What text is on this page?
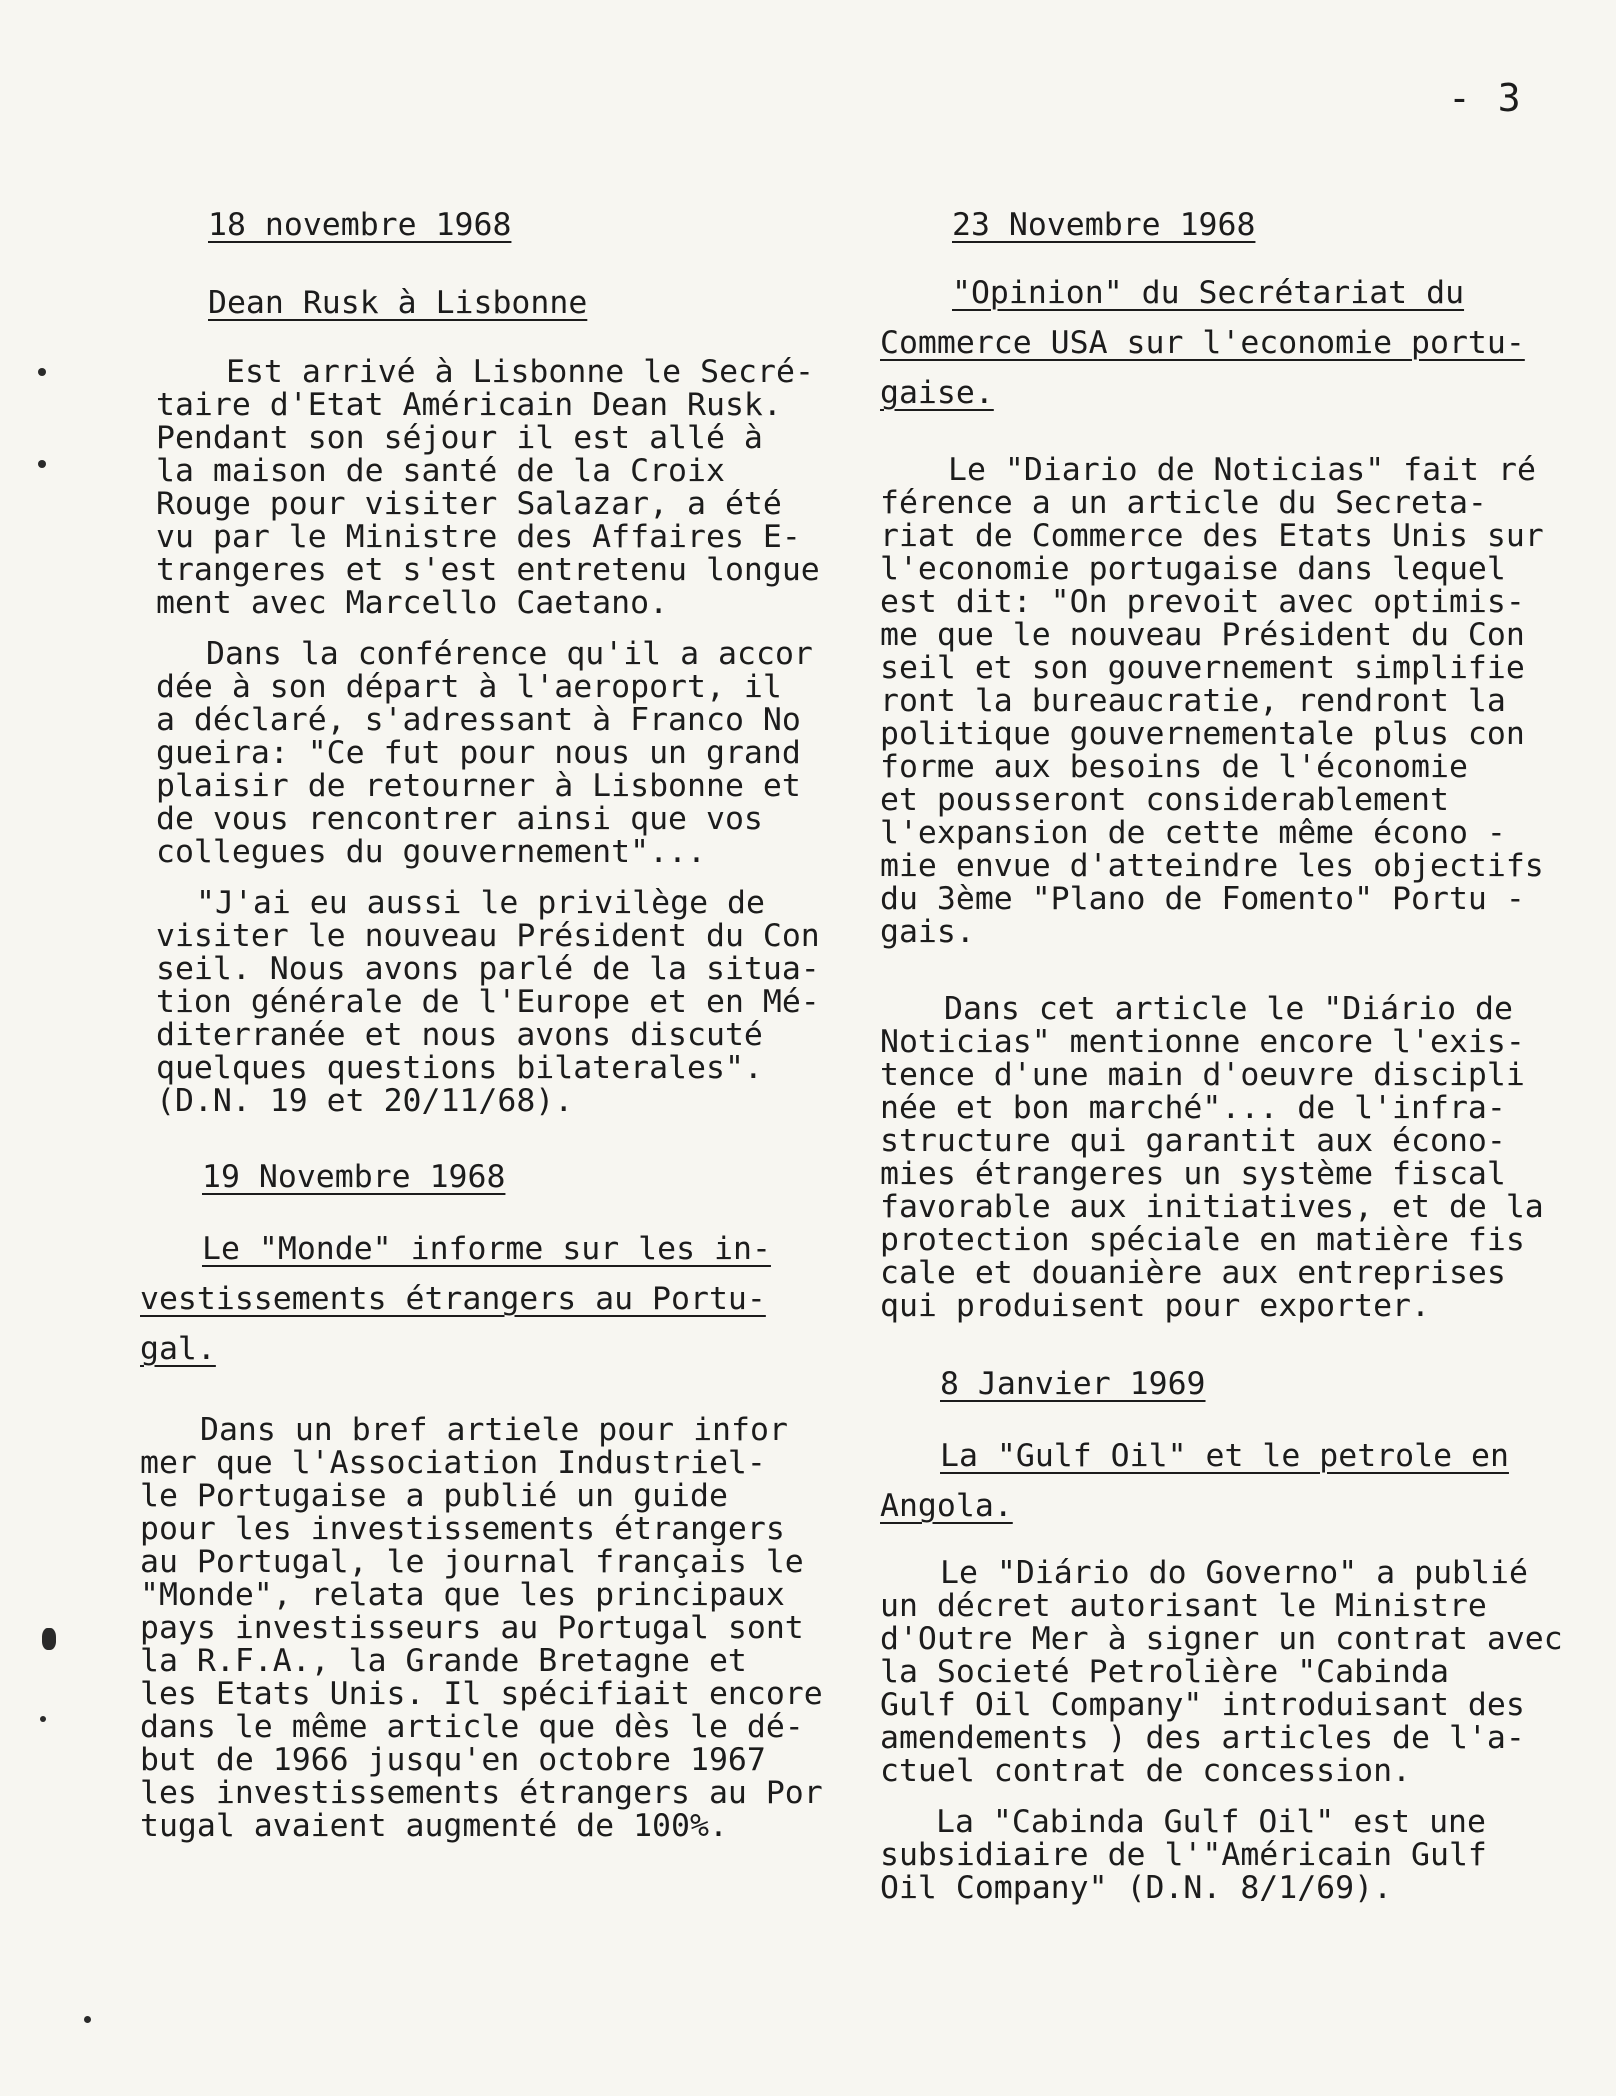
- 3
18 novembre 1968
Dean Rusk à Lisbonne

Est arrivé à Lisbonne le Secré-
taire d'Etat Américain Dean Rusk.
Pendant son séjour il est allé à
la maison de santé de la Croix
Rouge pour visiter Salazar, a été
vu par le Ministre des Affaires E-
trangeres et s'est entretenu longue
ment avec Marcello Caetano.

Dans la conférence qu'il a accor
dée à son départ à l'aeroport, il
a déclaré, s'adressant à Franco No
gueira: "Ce fut pour nous un grand
plaisir de retourner à Lisbonne et
de vous rencontrer ainsi que vos
collegues du gouvernement"...

"J'ai eu aussi le privilège de
visiter le nouveau Président du Con
seil. Nous avons parlé de la situa-
tion générale de l'Europe et en Mé-
diterranée et nous avons discuté
quelques questions bilaterales".
(D.N. 19 et 20/11/68).

19 Novembre 1968
Le "Monde" informe sur les in-
vestissements étrangers au Portu-
gal.

Dans un bref artiele pour infor
mer que l'Association Industriel-
le Portugaise a publié un guide
pour les investissements étrangers
au Portugal, le journal français le
"Monde", relata que les principaux
pays investisseurs au Portugal sont
la R.F.A., la Grande Bretagne et
les Etats Unis. Il spécifiait encore
dans le même article que dès le dé-
but de 1966 jusqu'en octobre 1967
les investissements étrangers au Por
tugal avaient augmenté de 100%.

23 Novembre 1968
"Opinion" du Secrétariat du
Commerce USA sur l'economie portu-
gaise.

Le "Diario de Noticias" fait ré
férence a un article du Secreta-
riat de Commerce des Etats Unis sur
l'economie portugaise dans lequel
est dit: "On prevoit avec optimis-
me que le nouveau Président du Con
seil et son gouvernement simplifie
ront la bureaucratie, rendront la
politique gouvernementale plus con
forme aux besoins de l'économie
et pousseront considerablement
l'expansion de cette même écono -
mie envue d'atteindre les objectifs
du 3ème "Plano de Fomento" Portu -
gais.

Dans cet article le "Diário de
Noticias" mentionne encore l'exis-
tence d'une main d'oeuvre discipli
née et bon marché"... de l'infra-
structure qui garantit aux écono-
mies étrangeres un système fiscal
favorable aux initiatives, et de la
protection spéciale en matière fis
cale et douanière aux entreprises
qui produisent pour exporter.

8 Janvier 1969
La "Gulf Oil" et le petrole en
Angola.

Le "Diário do Governo" a publié
un décret autorisant le Ministre
d'Outre Mer à signer un contrat avec
la Societé Petrolière "Cabinda
Gulf Oil Company" introduisant des
amendements ) des articles de l'a-
ctuel contrat de concession.

La "Cabinda Gulf Oil" est une
subsidiaire de l'"Américain Gulf
Oil Company" (D.N. 8/1/69).
